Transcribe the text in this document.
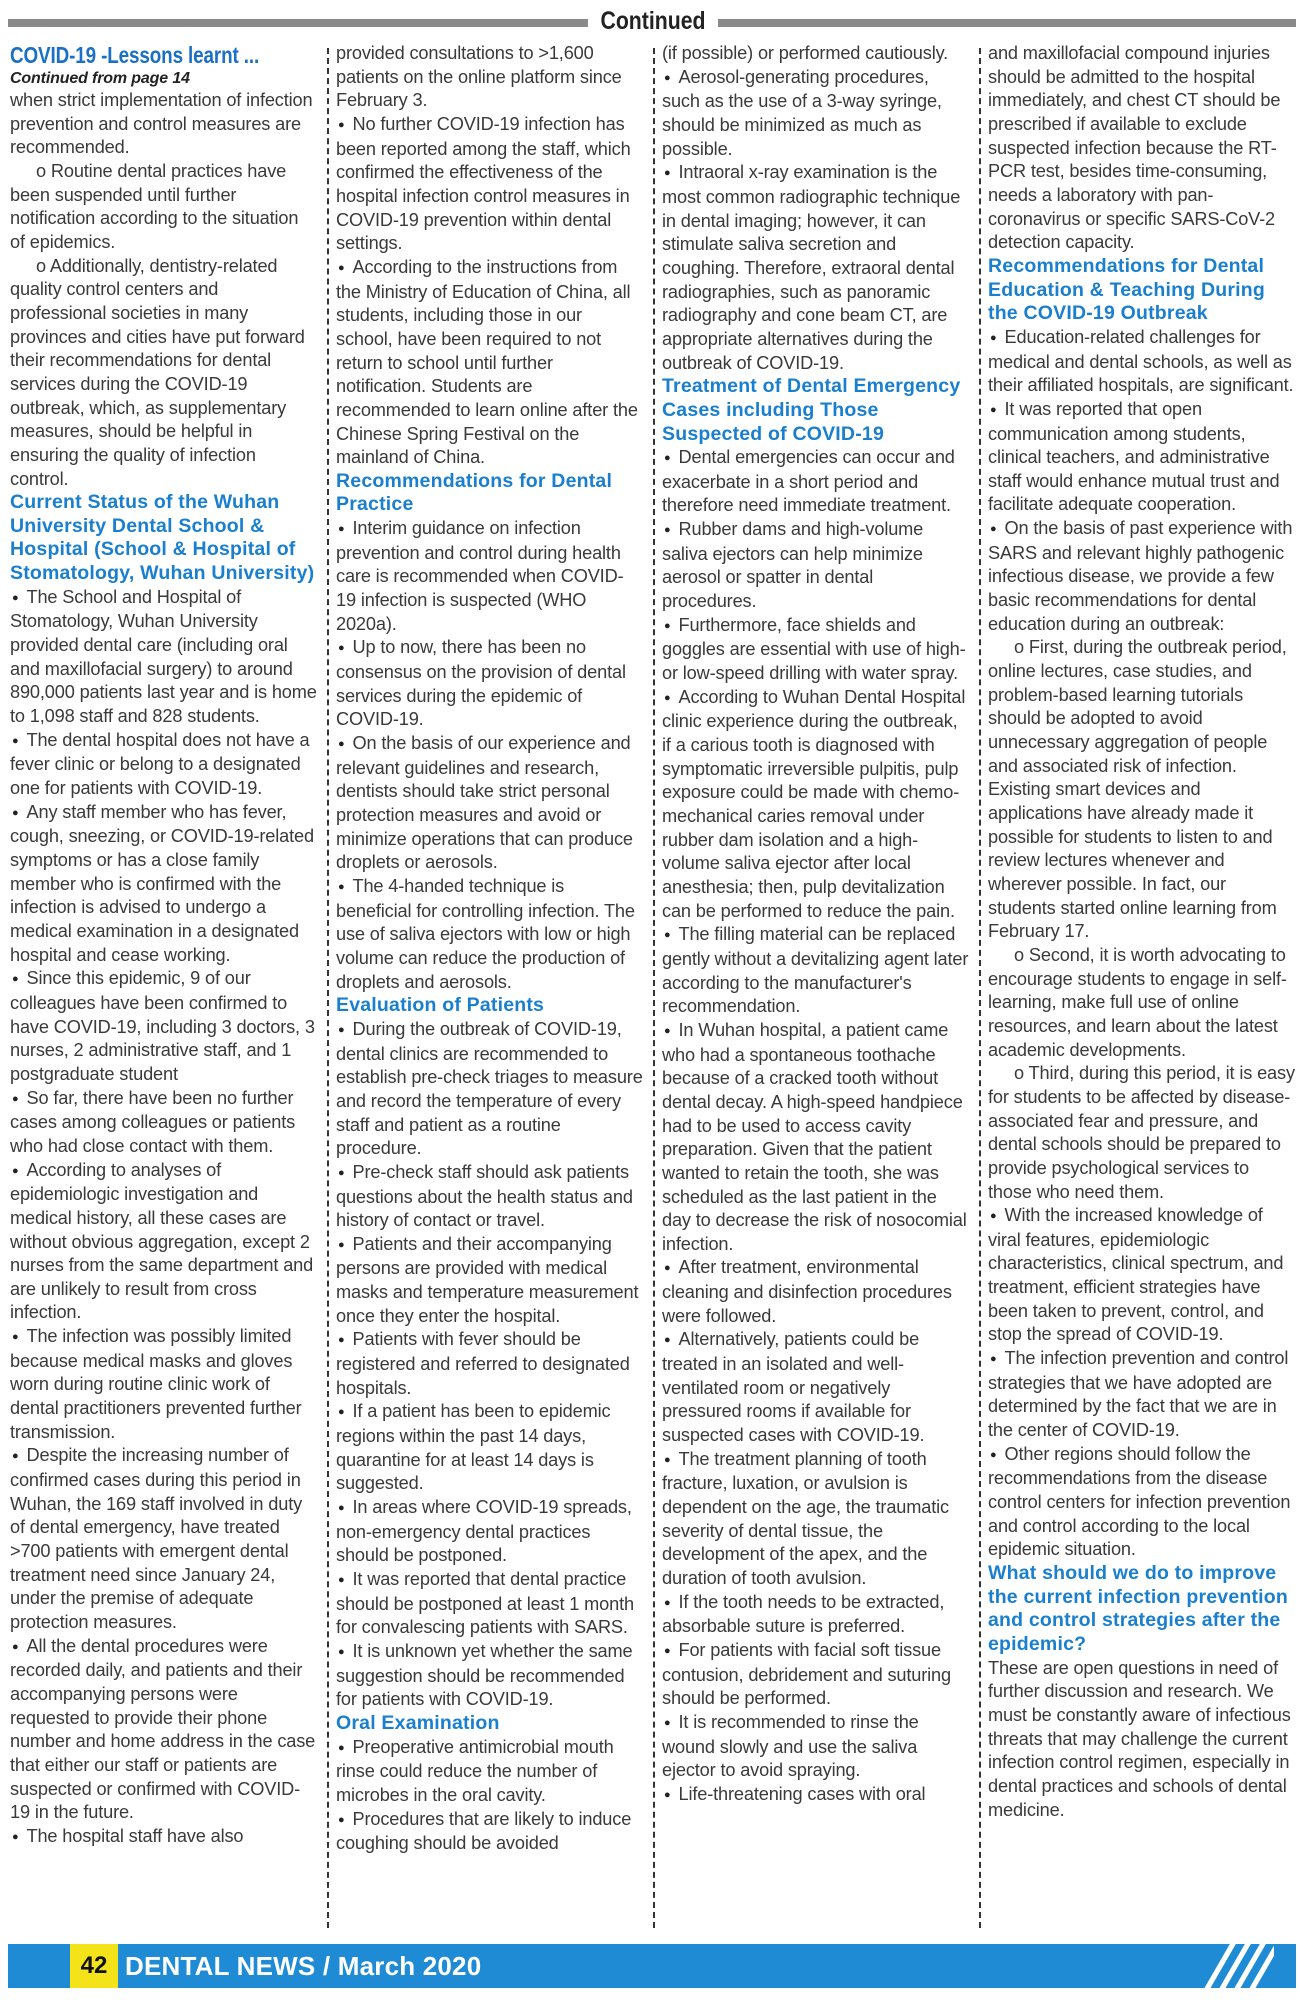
Continued

COVID-19 -Lessons learnt ...

Continued from page 14

when strict implementation of infection prevention and control measures are recommended.

o Routine dental practices have been suspended until further notification according to the situation of epidemics.

o Additionally, dentistry-related quality control centers and professional societies in many provinces and cities have put forward their recommendations for dental services during the COVID-19 outbreak, which, as supplementary measures, should be helpful in ensuring the quality of infection control.

Current Status of the Wuhan University Dental School & Hospital (School & Hospital of Stomatology, Wuhan University)

● The School and Hospital of Stomatology, Wuhan University provided dental care (including oral and maxillofacial surgery) to around 890,000 patients last year and is home to 1,098 staff and 828 students.

● The dental hospital does not have a fever clinic or belong to a designated one for patients with COVID-19.

● Any staff member who has fever, cough, sneezing, or COVID-19-related symptoms or has a close family member who is confirmed with the infection is advised to undergo a medical examination in a designated hospital and cease working.

● Since this epidemic, 9 of our colleagues have been confirmed to have COVID-19, including 3 doctors, 3 nurses, 2 administrative staff, and 1 postgraduate student

● So far, there have been no further cases among colleagues or patients who had close contact with them.

● According to analyses of epidemiologic investigation and medical history, all these cases are without obvious aggregation, except 2 nurses from the same department and are unlikely to result from cross infection.

● The infection was possibly limited because medical masks and gloves worn during routine clinic work of dental practitioners prevented further transmission.

● Despite the increasing number of confirmed cases during this period in Wuhan, the 169 staff involved in duty of dental emergency, have treated >700 patients with emergent dental treatment need since January 24, under the premise of adequate protection measures.

● All the dental procedures were recorded daily, and patients and their accompanying persons were requested to provide their phone number and home address in the case that either our staff or patients are suspected or confirmed with COVID-19 in the future.

● The hospital staff have also

provided consultations to >1,600 patients on the online platform since February 3.

● No further COVID-19 infection has been reported among the staff, which confirmed the effectiveness of the hospital infection control measures in COVID-19 prevention within dental settings.

● According to the instructions from the Ministry of Education of China, all students, including those in our school, have been required to not return to school until further notification. Students are recommended to learn online after the Chinese Spring Festival on the mainland of China.

Recommendations for Dental Practice

● Interim guidance on infection prevention and control during health care is recommended when COVID-19 infection is suspected (WHO 2020a).

● Up to now, there has been no consensus on the provision of dental services during the epidemic of COVID-19.

● On the basis of our experience and relevant guidelines and research, dentists should take strict personal protection measures and avoid or minimize operations that can produce droplets or aerosols.

● The 4-handed technique is beneficial for controlling infection. The use of saliva ejectors with low or high volume can reduce the production of droplets and aerosols.

Evaluation of Patients

● During the outbreak of COVID-19, dental clinics are recommended to establish pre-check triages to measure and record the temperature of every staff and patient as a routine procedure.

● Pre-check staff should ask patients questions about the health status and history of contact or travel.

● Patients and their accompanying persons are provided with medical masks and temperature measurement once they enter the hospital.

● Patients with fever should be registered and referred to designated hospitals.

● If a patient has been to epidemic regions within the past 14 days, quarantine for at least 14 days is suggested.

● In areas where COVID-19 spreads, non-emergency dental practices should be postponed.

● It was reported that dental practice should be postponed at least 1 month for convalescing patients with SARS.

● It is unknown yet whether the same suggestion should be recommended for patients with COVID-19.

Oral Examination

● Preoperative antimicrobial mouth rinse could reduce the number of microbes in the oral cavity.

● Procedures that are likely to induce coughing should be avoided

(if possible) or performed cautiously.

● Aerosol-generating procedures, such as the use of a 3-way syringe, should be minimized as much as possible.

● Intraoral x-ray examination is the most common radiographic technique in dental imaging; however, it can stimulate saliva secretion and coughing. Therefore, extraoral dental radiographies, such as panoramic radiography and cone beam CT, are appropriate alternatives during the outbreak of COVID-19.

Treatment of Dental Emergency Cases including Those Suspected of COVID-19

● Dental emergencies can occur and exacerbate in a short period and therefore need immediate treatment.

● Rubber dams and high-volume saliva ejectors can help minimize aerosol or spatter in dental procedures.

● Furthermore, face shields and goggles are essential with use of high- or low-speed drilling with water spray.

● According to Wuhan Dental Hospital clinic experience during the outbreak, if a carious tooth is diagnosed with symptomatic irreversible pulpitis, pulp exposure could be made with chemo-mechanical caries removal under rubber dam isolation and a high-volume saliva ejector after local anesthesia; then, pulp devitalization can be performed to reduce the pain.

● The filling material can be replaced gently without a devitalizing agent later according to the manufacturer's recommendation.

● In Wuhan hospital, a patient came who had a spontaneous toothache because of a cracked tooth without dental decay. A high-speed handpiece had to be used to access cavity preparation. Given that the patient wanted to retain the tooth, she was scheduled as the last patient in the day to decrease the risk of nosocomial infection.

● After treatment, environmental cleaning and disinfection procedures were followed.

● Alternatively, patients could be treated in an isolated and well-ventilated room or negatively pressured rooms if available for suspected cases with COVID-19.

● The treatment planning of tooth fracture, luxation, or avulsion is dependent on the age, the traumatic severity of dental tissue, the development of the apex, and the duration of tooth avulsion.

● If the tooth needs to be extracted, absorbable suture is preferred.

● For patients with facial soft tissue contusion, debridement and suturing should be performed.

● It is recommended to rinse the wound slowly and use the saliva ejector to avoid spraying.

● Life-threatening cases with oral

and maxillofacial compound injuries should be admitted to the hospital immediately, and chest CT should be prescribed if available to exclude suspected infection because the RT-PCR test, besides time-consuming, needs a laboratory with pan-coronavirus or specific SARS-CoV-2 detection capacity.

Recommendations for Dental Education & Teaching During the COVID-19 Outbreak

● Education-related challenges for medical and dental schools, as well as their affiliated hospitals, are significant.

● It was reported that open communication among students, clinical teachers, and administrative staff would enhance mutual trust and facilitate adequate cooperation.

● On the basis of past experience with SARS and relevant highly pathogenic infectious disease, we provide a few basic recommendations for dental education during an outbreak:

o First, during the outbreak period, online lectures, case studies, and problem-based learning tutorials should be adopted to avoid unnecessary aggregation of people and associated risk of infection. Existing smart devices and applications have already made it possible for students to listen to and review lectures whenever and wherever possible. In fact, our students started online learning from February 17.

o Second, it is worth advocating to encourage students to engage in self-learning, make full use of online resources, and learn about the latest academic developments.

o Third, during this period, it is easy for students to be affected by disease-associated fear and pressure, and dental schools should be prepared to provide psychological services to those who need them.

● With the increased knowledge of viral features, epidemiologic characteristics, clinical spectrum, and treatment, efficient strategies have been taken to prevent, control, and stop the spread of COVID-19.

● The infection prevention and control strategies that we have adopted are determined by the fact that we are in the center of COVID-19.

● Other regions should follow the recommendations from the disease control centers for infection prevention and control according to the local epidemic situation.

What should we do to improve the current infection prevention and control strategies after the epidemic?

These are open questions in need of further discussion and research. We must be constantly aware of infectious threats that may challenge the current infection control regimen, especially in dental practices and schools of dental medicine.

42 DENTAL NEWS / March 2020
